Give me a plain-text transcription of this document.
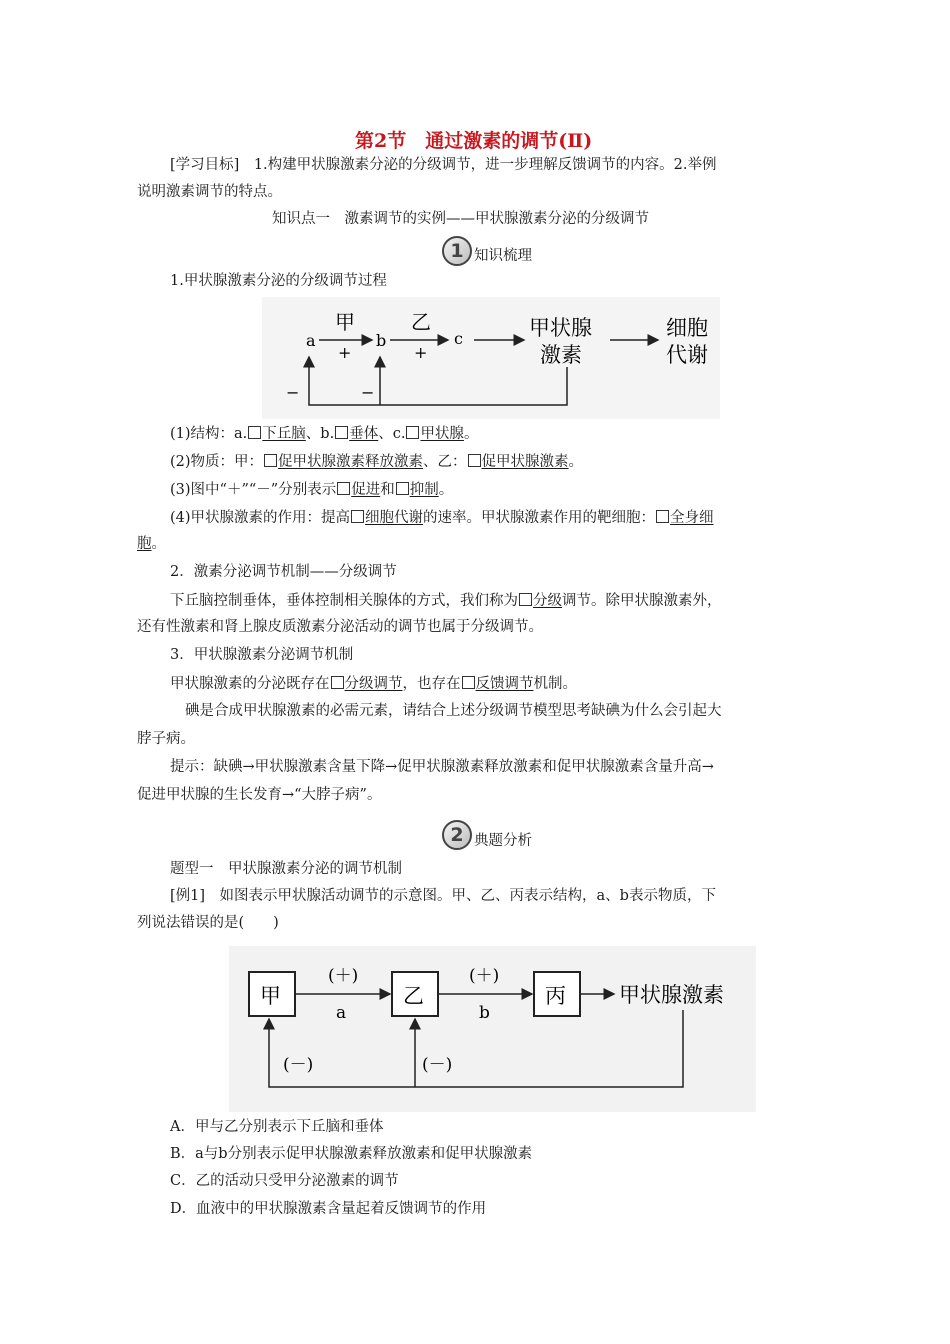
第2节　通过激素的调节(Ⅱ)
[学习目标]　1.构建甲状腺激素分泌的分级调节，进一步理解反馈调节的内容。2.举例
说明激素调节的特点。
知识点一　激素调节的实例——甲状腺激素分泌的分级调节
1 知识梳理
1.甲状腺激素分泌的分级调节过程
a	b	c
甲	乙
+	+
甲状腺
激素
细胞
代谢
−	−
(1)结构：a. 下丘脑、b. 垂体、c. 甲状腺。
(2)物质：甲： 促甲状腺激素释放激素、乙： 促甲状腺激素。
(3)图中“＋”“－”分别表示 促进和 抑制。
(4)甲状腺激素的作用：提高 细胞代谢的速率。甲状腺激素作用的靶细胞： 全身细
胞。
2．激素分泌调节机制——分级调节
下丘脑控制垂体，垂体控制相关腺体的方式，我们称为 分级调节。除甲状腺激素外，
还有性激素和肾上腺皮质激素分泌活动的调节也属于分级调节。
3．甲状腺激素分泌调节机制
甲状腺激素的分泌既存在 分级调节，也存在 反馈调节机制。
碘是合成甲状腺激素的必需元素，请结合上述分级调节模型思考缺碘为什么会引起大
脖子病。
提示：缺碘→甲状腺激素含量下降→促甲状腺激素释放激素和促甲状腺激素含量升高→
促进甲状腺的生长发育→“大脖子病”。
2 典题分析
题型一　甲状腺激素分泌的调节机制
[例1]　如图表示甲状腺活动调节的示意图。甲、乙、丙表示结构，a、b表示物质，下
列说法错误的是(　　)
甲	乙	丙
(＋)	(＋)
a	b
甲状腺激素
(－)	(－)
A．甲与乙分别表示下丘脑和垂体
B．a与b分别表示促甲状腺激素释放激素和促甲状腺激素
C．乙的活动只受甲分泌激素的调节
D．血液中的甲状腺激素含量起着反馈调节的作用
